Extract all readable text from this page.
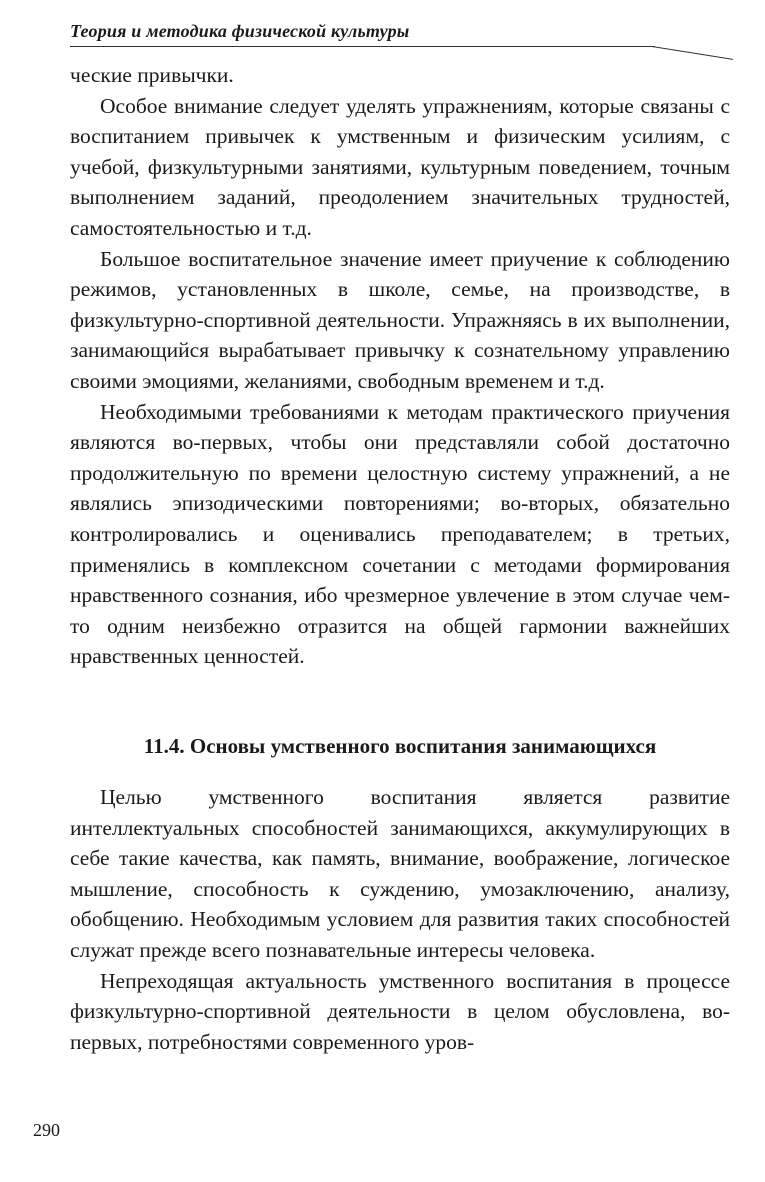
Теория и методика физической культуры

ческие привычки.

Особое внимание следует уделять упражнениям, которые связаны с воспитанием привычек к умственным и физическим усилиям, с учебой, физкультурными занятиями, культурным поведением, точным выполнением заданий, преодолением значительных трудностей, самостоятельностью и т.д.

Большое воспитательное значение имеет приучение к соблюдению режимов, установленных в школе, семье, на производстве, в физкультурно-спортивной деятельности. Упражняясь в их выполнении, занимающийся вырабатывает привычку к сознательному управлению своими эмоциями, желаниями, свободным временем и т.д.

Необходимыми требованиями к методам практического приучения являются во-первых, чтобы они представляли собой достаточно продолжительную по времени целостную систему упражнений, а не являлись эпизодическими повторениями; во-вторых, обязательно контролировались и оценивались преподавателем; в третьих, применялись в комплексном сочетании с методами формирования нравственного сознания, ибо чрезмерное увлечение в этом случае чем-то одним неизбежно отразится на общей гармонии важнейших нравственных ценностей.

11.4. Основы умственного воспитания занимающихся

Целью умственного воспитания является развитие интеллектуальных способностей занимающихся, аккумулирующих в себе такие качества, как память, внимание, воображение, логическое мышление, способность к суждению, умозаключению, анализу, обобщению. Необходимым условием для развития таких способностей служат прежде всего познавательные интересы человека.

Непреходящая актуальность умственного воспитания в процессе физкультурно-спортивной деятельности в целом обусловлена, во-первых, потребностями современного уров-

290
